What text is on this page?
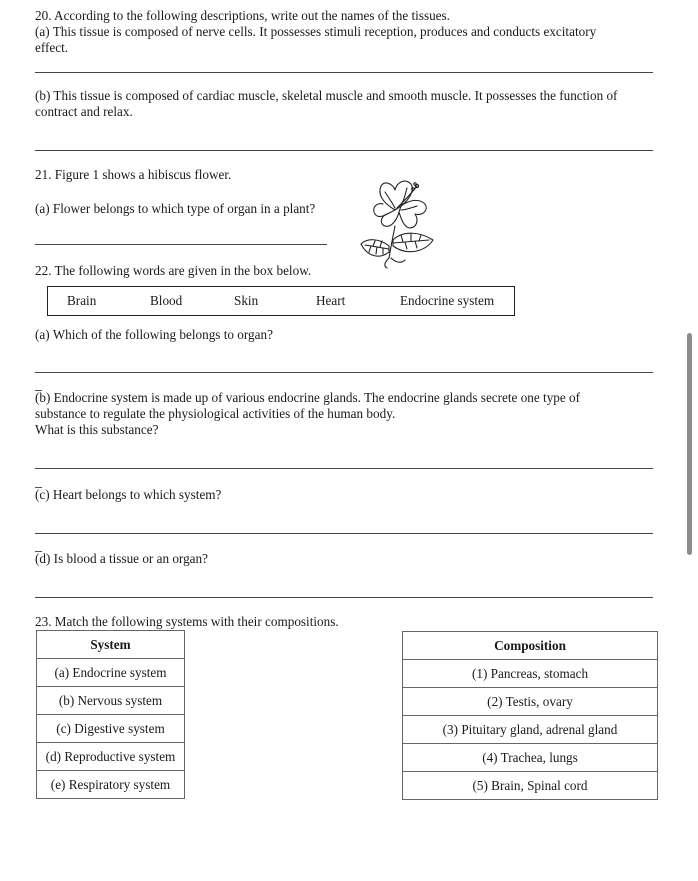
20. According to the following descriptions, write out the names of the tissues.
(a) This tissue is composed of nerve cells. It possesses stimuli reception, produces and conducts excitatory
effect.
(b) This tissue is composed of cardiac muscle, skeletal muscle and smooth muscle. It possesses the function of
contract and relax.
21. Figure 1 shows a hibiscus flower.
(a) Flower belongs to which type of organ in a plant?
22. The following words are given in the box below.
Brain	Blood	Skin	Heart	Endocrine system
(a) Which of the following belongs to organ?
(b) Endocrine system is made up of various endocrine glands. The endocrine glands secrete one type of
substance to regulate the physiological activities of the human body.
What is this substance?
(c) Heart belongs to which system?
(d) Is blood a tissue or an organ?
23. Match the following systems with their compositions.
System
(a) Endocrine system
(b) Nervous system
(c) Digestive system
(d) Reproductive system
(e) Respiratory system
Composition
(1) Pancreas, stomach
(2) Testis, ovary
(3) Pituitary gland, adrenal gland
(4) Trachea, lungs
(5) Brain, Spinal cord
